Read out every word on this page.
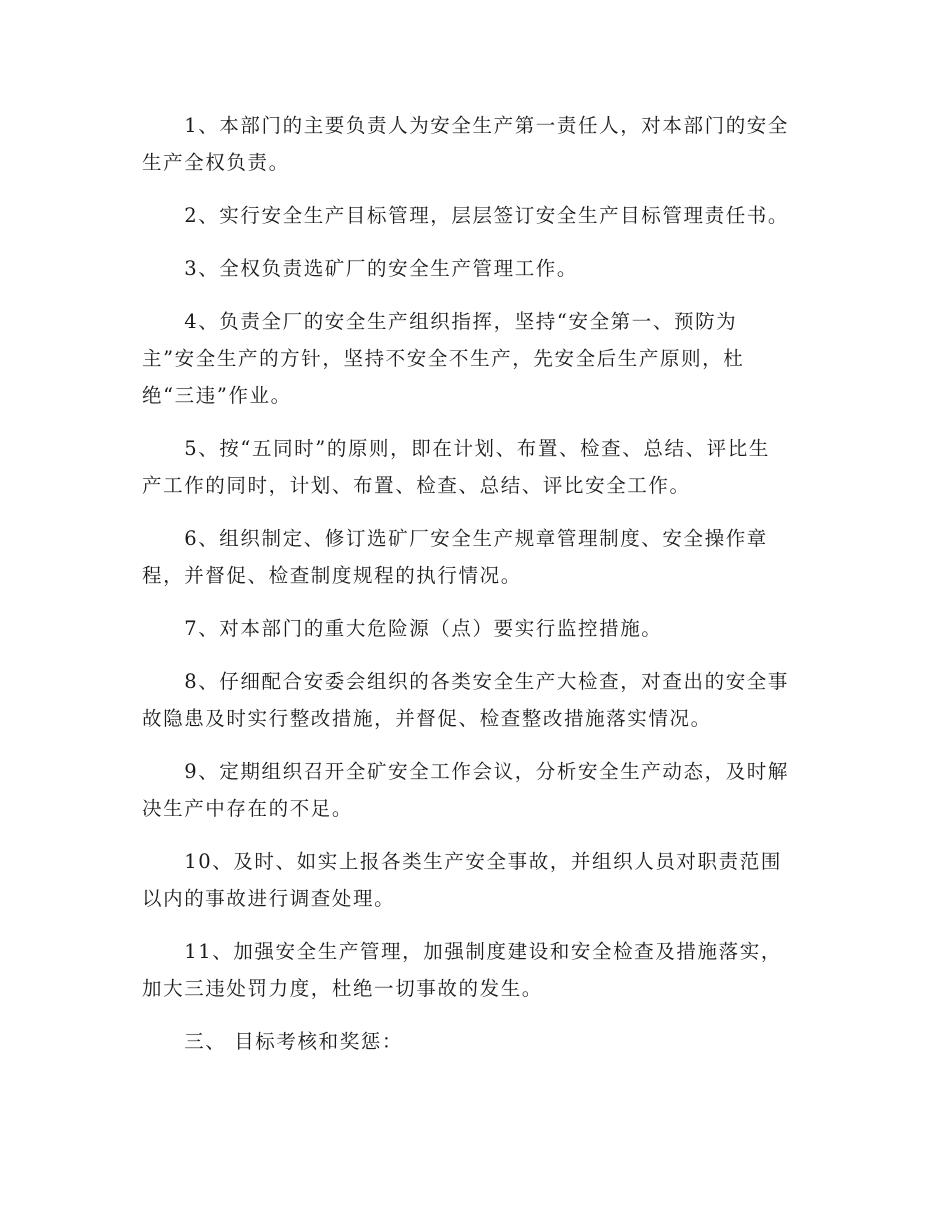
　　1、本部门的主要负责人为安全生产第一责任人，对本部门的安全
生产全权负责。

　　2、实行安全生产目标管理，层层签订安全生产目标管理责任书。

　　3、全权负责选矿厂的安全生产管理工作。

　　4、负责全厂的安全生产组织指挥，坚持“安全第一、预防为
主”安全生产的方针，坚持不安全不生产，先安全后生产原则，杜
绝“三违”作业。

　　5、按“五同时”的原则，即在计划、布置、检查、总结、评比生
产工作的同时，计划、布置、检查、总结、评比安全工作。

　　6、组织制定、修订选矿厂安全生产规章管理制度、安全操作章
程，并督促、检查制度规程的执行情况。

　　7、对本部门的重大危险源（点）要实行监控措施。

　　8、仔细配合安委会组织的各类安全生产大检查，对查出的安全事
故隐患及时实行整改措施，并督促、检查整改措施落实情况。

　　9、定期组织召开全矿安全工作会议，分析安全生产动态，及时解
决生产中存在的不足。

　　10、及时、如实上报各类生产安全事故，并组织人员对职责范围
以内的事故进行调查处理。

　　11、加强安全生产管理，加强制度建设和安全检查及措施落实，
加大三违处罚力度，杜绝一切事故的发生。

　　三、 目标考核和奖惩：
